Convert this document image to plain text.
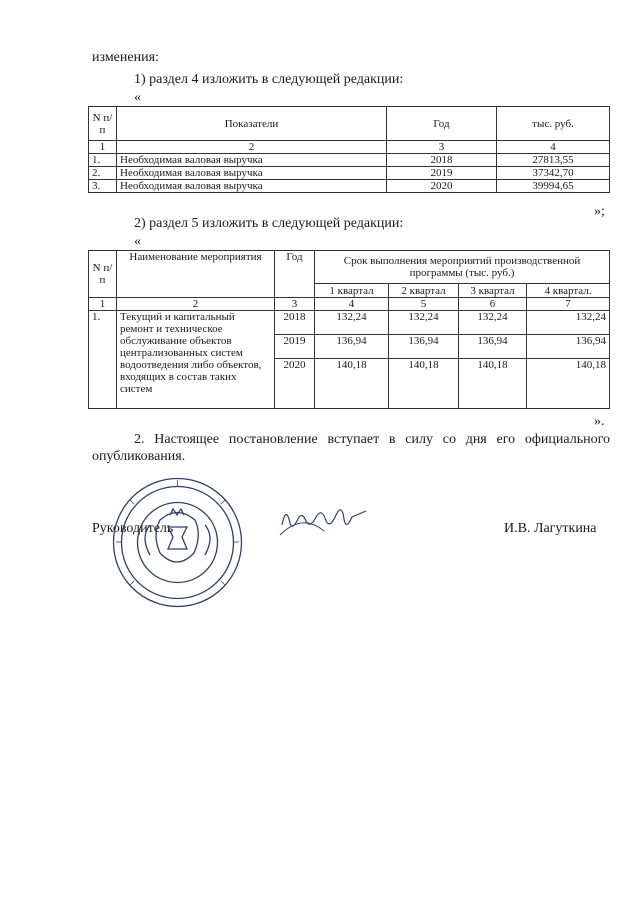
изменения:
1) раздел 4 изложить в следующей редакции:
«
N п/п	Показатели	Год	тыс. руб.
1	2	3	4
1.	Необходимая валовая выручка	2018	27813,55
2.	Необходимая валовая выручка	2019	37342,70
3.	Необходимая валовая выручка	2020	39994,65
»;
2) раздел 5 изложить в следующей редакции:
«
N п/п	Наименование мероприятия	Год	Срок выполнения мероприятий производственной программы (тыс. руб.)			
			1 квартал	2 квартал	3 квартал	4 квартал.
1	2	3	4	5	6	7
1.	Текущий и капитальный ремонт и техническое обслуживание объектов централизованных систем водоотведения либо объектов, входящих в состав таких систем	2018	132,24	132,24	132,24	132,24
		2019	136,94	136,94	136,94	136,94
		2020	140,18	140,18	140,18	140,18
».
2. Настоящее постановление вступает в силу со дня его официального
опубликования.
Руководитель	И.В. Лагуткина
